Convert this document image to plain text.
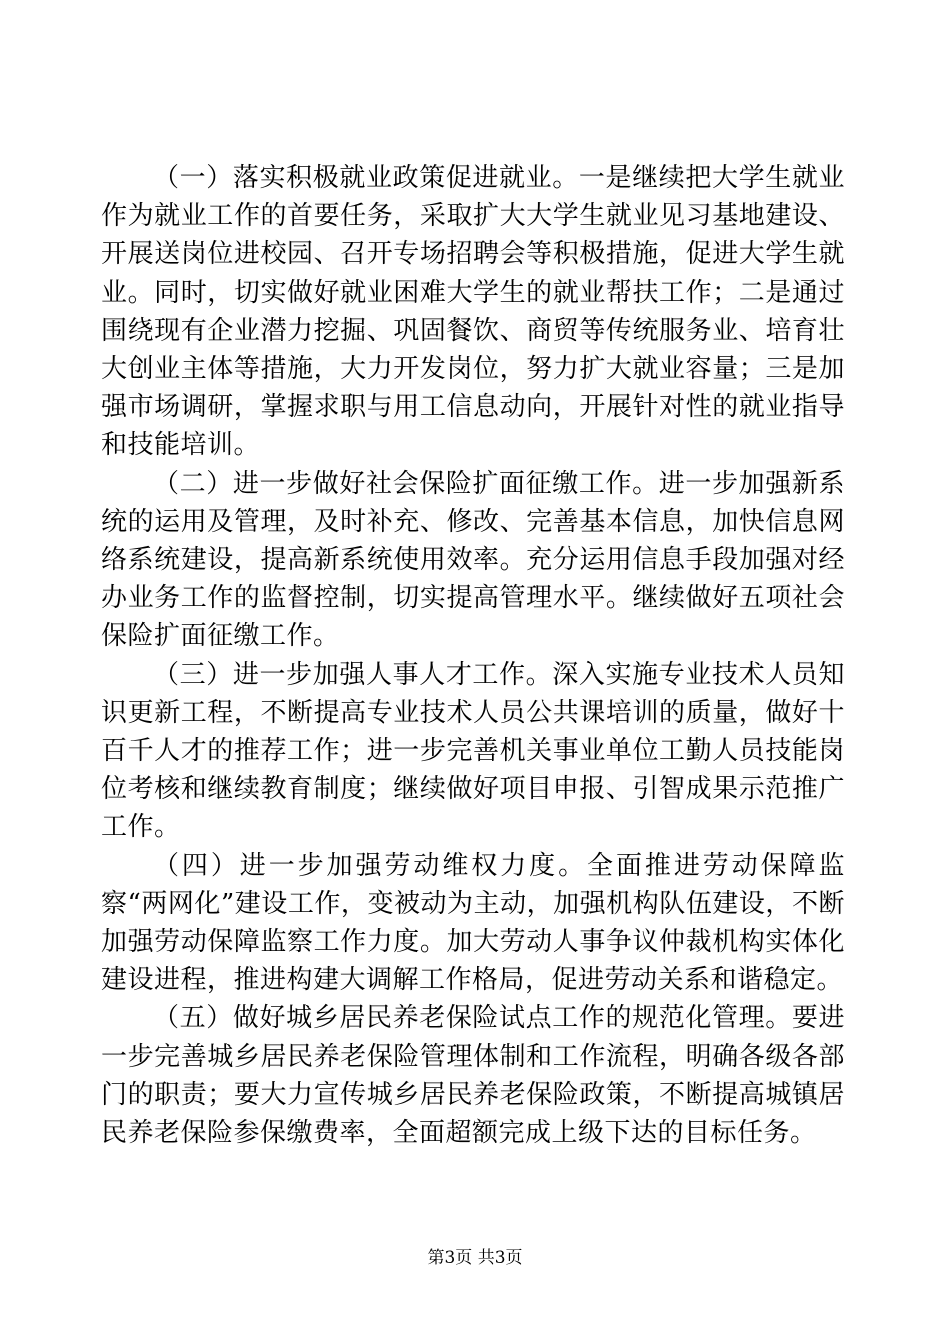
（一）落实积极就业政策促进就业。一是继续把大学生就业作为就业工作的首要任务，采取扩大大学生就业见习基地建设、开展送岗位进校园、召开专场招聘会等积极措施，促进大学生就业。同时，切实做好就业困难大学生的就业帮扶工作；二是通过围绕现有企业潜力挖掘、巩固餐饮、商贸等传统服务业、培育壮大创业主体等措施，大力开发岗位，努力扩大就业容量；三是加强市场调研，掌握求职与用工信息动向，开展针对性的就业指导和技能培训。

（二）进一步做好社会保险扩面征缴工作。进一步加强新系统的运用及管理，及时补充、修改、完善基本信息，加快信息网络系统建设，提高新系统使用效率。充分运用信息手段加强对经办业务工作的监督控制，切实提高管理水平。继续做好五项社会保险扩面征缴工作。

（三）进一步加强人事人才工作。深入实施专业技术人员知识更新工程，不断提高专业技术人员公共课培训的质量，做好十百千人才的推荐工作；进一步完善机关事业单位工勤人员技能岗位考核和继续教育制度；继续做好项目申报、引智成果示范推广工作。

（四）进一步加强劳动维权力度。全面推进劳动保障监察“两网化”建设工作，变被动为主动，加强机构队伍建设，不断加强劳动保障监察工作力度。加大劳动人事争议仲裁机构实体化建设进程，推进构建大调解工作格局，促进劳动关系和谐稳定。

（五）做好城乡居民养老保险试点工作的规范化管理。要进一步完善城乡居民养老保险管理体制和工作流程，明确各级各部门的职责；要大力宣传城乡居民养老保险政策，不断提高城镇居民养老保险参保缴费率，全面超额完成上级下达的目标任务。

第3页 共3页
